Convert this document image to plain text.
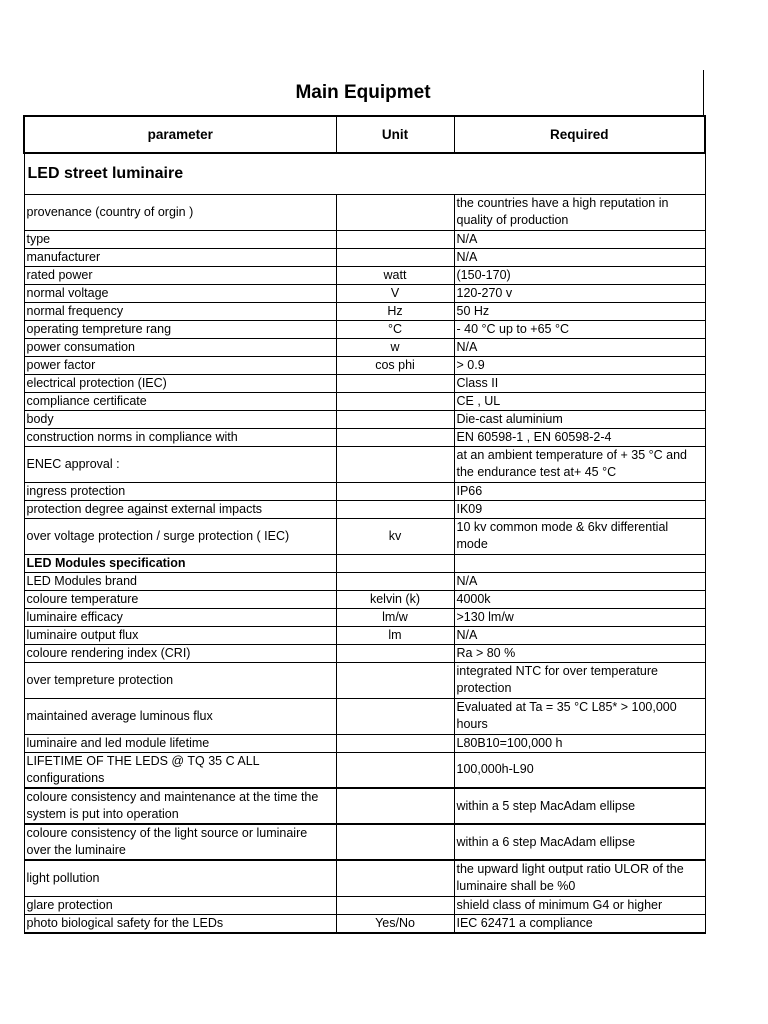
Main Equipmet
parameter	Unit	Required
LED street luminaire		
provenance (country of orgin )		the countries have a high reputation in quality of production
type		N/A
manufacturer		N/A
rated power	watt	(150-170)
normal voltage	V	120-270 v
normal frequency	Hz	50 Hz
operating tempreture rang	°C	- 40 °C up to +65 °C
power consumation	w	N/A
power factor	cos phi	> 0.9
electrical protection (IEC)		Class II
compliance certificate		CE , UL
body		Die-cast aluminium
construction norms in compliance with		EN 60598-1 , EN 60598-2-4
ENEC approval :		at an ambient temperature of + 35 °C and the endurance test at+ 45 °C
ingress protection		IP66
protection degree against external impacts		IK09
over voltage protection / surge protection ( IEC)	kv	10 kv common mode & 6kv differential mode
LED Modules specification		
LED Modules brand		N/A
coloure temperature	kelvin (k)	4000k
luminaire efficacy	lm/w	>130 lm/w
luminaire output flux	lm	N/A
coloure rendering index (CRI)		Ra > 80 %
over tempreture protection		integrated NTC for over temperature protection
maintained average luminous flux		Evaluated at Ta = 35 °C L85* > 100,000 hours
luminaire and led module lifetime		L80B10=100,000 h
LIFETIME OF THE LEDS @ TQ 35 C ALL configurations		100,000h-L90
coloure consistency and maintenance at the time the system is put into operation		within a 5 step MacAdam ellipse
coloure consistency of the light source or luminaire over the luminaire		within a 6 step MacAdam ellipse
light pollution		the upward light output ratio ULOR of the luminaire shall be %0
glare protection		shield class of minimum G4 or higher
photo biological safety for the LEDs	Yes/No	IEC 62471 a compliance
